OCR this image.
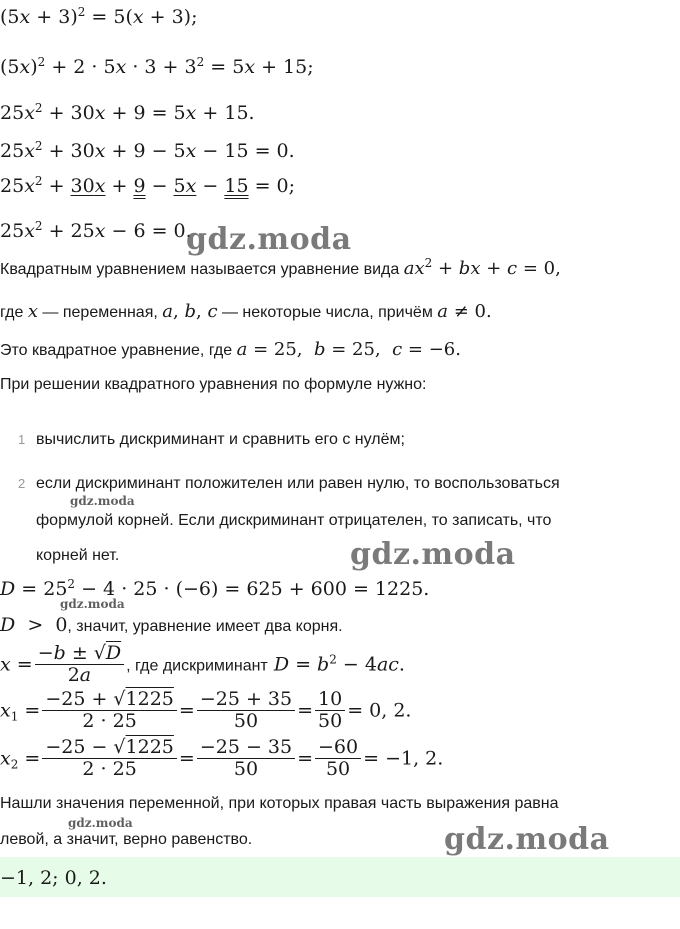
$(5x + 3)^2 = 5(x + 3)$;
$(5x)^2 + 2 \cdot 5x \cdot 3 + 3^2 = 5x + 15$;
$25x^2 + 30x + 9 = 5x + 15$.
$25x^2 + 30x + 9 - 5x - 15 = 0$.
$25x^2 + 30x + 9 - 5x - 15 = 0$;
$25x^2 + 25x - 6 = 0$.
Квадратным уравнением называется уравнение вида $ax^2$ + bx + c = 0,
где x — переменная, a, b, c — некоторые числа, причём a ≠ 0.
Это квадратное уравнение, где a = 25,  b = 25,  c = −6.
При решении квадратного уравнения по формуле нужно:
1 вычислить дискриминант и сравнить его с нулём;
2 если дискриминант положителен или равен нулю, то воспользоваться
формулой корней. Если дискриминант отрицателен, то записать, что
корней нет.
$D = 25^2 - 4 \cdot 25 \cdot (-6) = 625 + 600 = 1225$.
D  >  0, значит, уравнение имеет два корня.
$x = \frac{-b \pm √D}{2a}$ , где дискриминант $D = b^2 - 4ac$.
$x_1 = \frac{-25 + √1225}{2 \cdot 25} = \frac{-25 + 35}{50} = \frac{10}{50} = 0$, 2.
$x_2 = \frac{-25 - √1225}{2 \cdot 25} = \frac{-25 - 35}{50} = \frac{-60}{50} = -1$, 2.
Нашли значения переменной, при которых правая часть выражения равна
левой, а значит, верно равенство.
−1, 2; 0, 2.
gdz.moda
gdz.moda
gdz.moda
gdz.moda
gdz.moda
gdz.moda
